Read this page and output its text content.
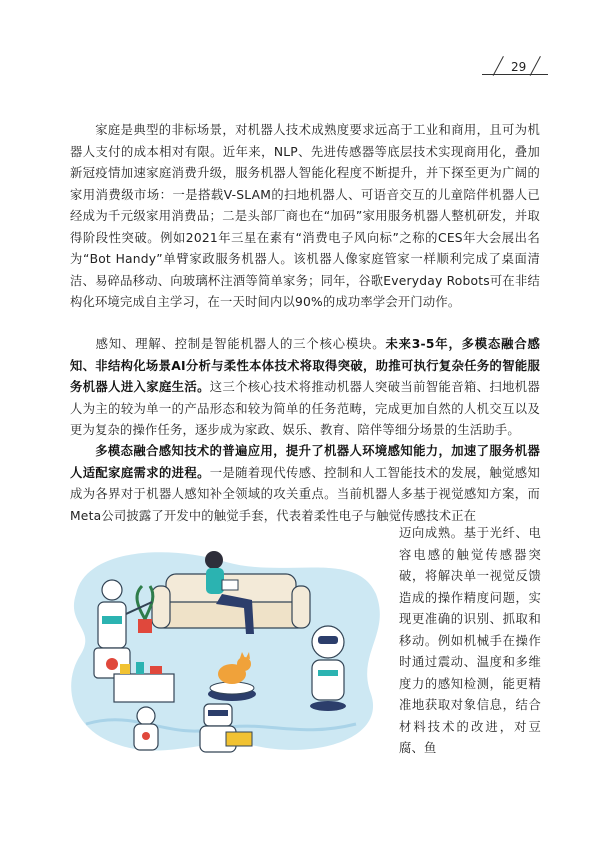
29
家庭是典型的非标场景，对机器人技术成熟度要求远高于工业和商用，且可为机器人支付的成本相对有限。近年来，NLP、先进传感器等底层技术实现商用化，叠加新冠疫情加速家庭消费升级，服务机器人智能化程度不断提升，并下探至更为广阔的家用消费级市场：一是搭载V-SLAM的扫地机器人、可语音交互的儿童陪伴机器人已经成为千元级家用消费品；二是头部厂商也在“加码”家用服务机器人整机研发，并取得阶段性突破。例如2021年三星在素有“消费电子风向标”之称的CES年大会展出名为“Bot Handy”单臂家政服务机器人。该机器人像家庭管家一样顺利完成了桌面清洁、易碎品移动、向玻璃杯注酒等简单家务；同年，谷歌Everyday Robots可在非结构化环境完成自主学习，在一天时间内以90%的成功率学会开门动作。
感知、理解、控制是智能机器人的三个核心模块。未来3-5年，多模态融合感知、非结构化场景AI分析与柔性本体技术将取得突破，助推可执行复杂任务的智能服务机器人进入家庭生活。这三个核心技术将推动机器人突破当前智能音箱、扫地机器人为主的较为单一的产品形态和较为简单的任务范畴，完成更加自然的人机交互以及更为复杂的操作任务，逐步成为家政、娱乐、教育、陪伴等细分场景的生活助手。
多模态融合感知技术的普遍应用，提升了机器人环境感知能力，加速了服务机器人适配家庭需求的进程。一是随着现代传感、控制和人工智能技术的发展，触觉感知成为各界对于机器人感知补全领域的攻关重点。当前机器人多基于视觉感知方案，而Meta公司披露了开发中的触觉手套，代表着柔性电子与触觉传感技术正在
迈向成熟。基于光纤、电容电感的触觉传感器突破，将解决单一视觉反馈造成的操作精度问题，实现更准确的识别、抓取和移动。例如机械手在操作时通过震动、温度和多维度力的感知检测，能更精准地获取对象信息，结合材料技术的改进，对豆腐、鱼
